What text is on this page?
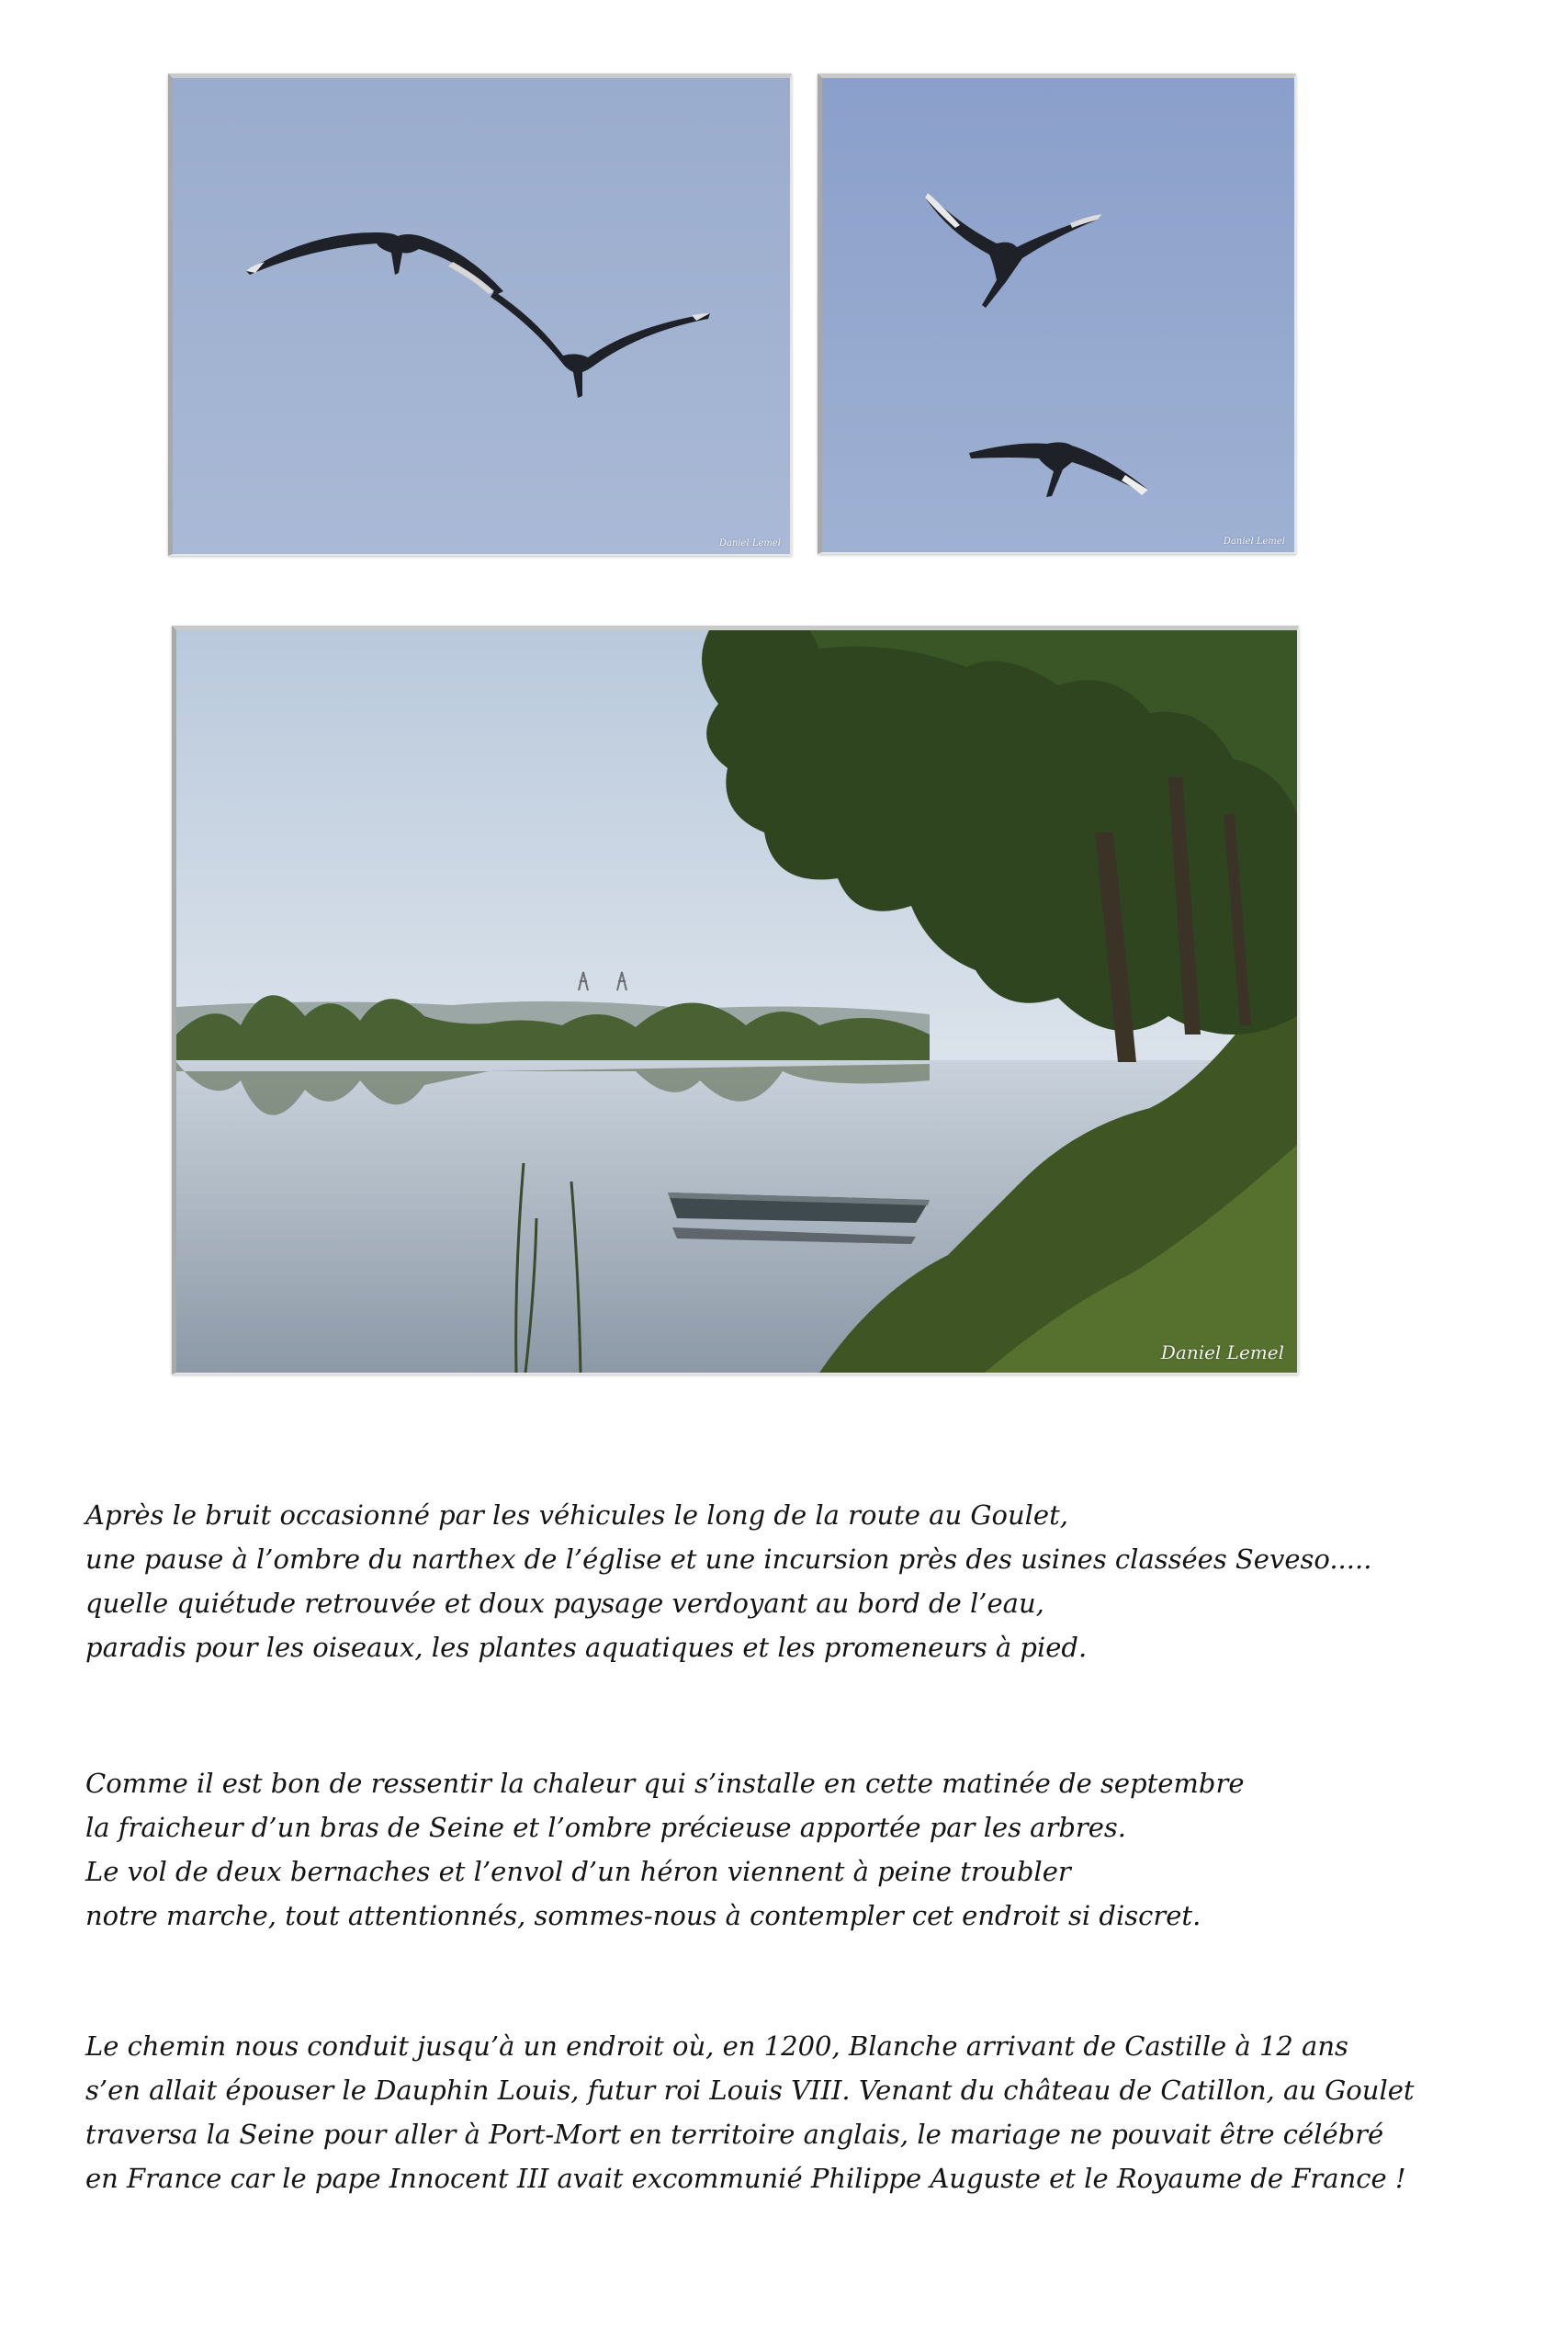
Daniel Lemel	Daniel Lemel
Daniel Lemel
Après le bruit occasionné par les véhicules le long de la route au Goulet,
une pause à l’ombre du narthex de l’église et une incursion près des usines classées Seveso.....
quelle quiétude retrouvée et doux paysage verdoyant au bord de l’eau,
paradis pour les oiseaux, les plantes aquatiques et les promeneurs à pied.
Comme il est bon de ressentir la chaleur qui s’installe en cette matinée de septembre
la fraicheur d’un bras de Seine et l’ombre précieuse apportée par les arbres.
Le vol de deux bernaches et l’envol d’un héron viennent à peine troubler
notre marche, tout attentionnés, sommes-nous à contempler cet endroit si discret.
Le chemin nous conduit jusqu’à un endroit où, en 1200, Blanche arrivant de Castille à 12 ans
s’en allait épouser le Dauphin Louis, futur roi Louis VIII. Venant du château de Catillon, au Goulet
traversa la Seine pour aller à Port-Mort en territoire anglais, le mariage ne pouvait être célébré
en France car le pape Innocent III avait excommunié Philippe Auguste et le Royaume de France !
